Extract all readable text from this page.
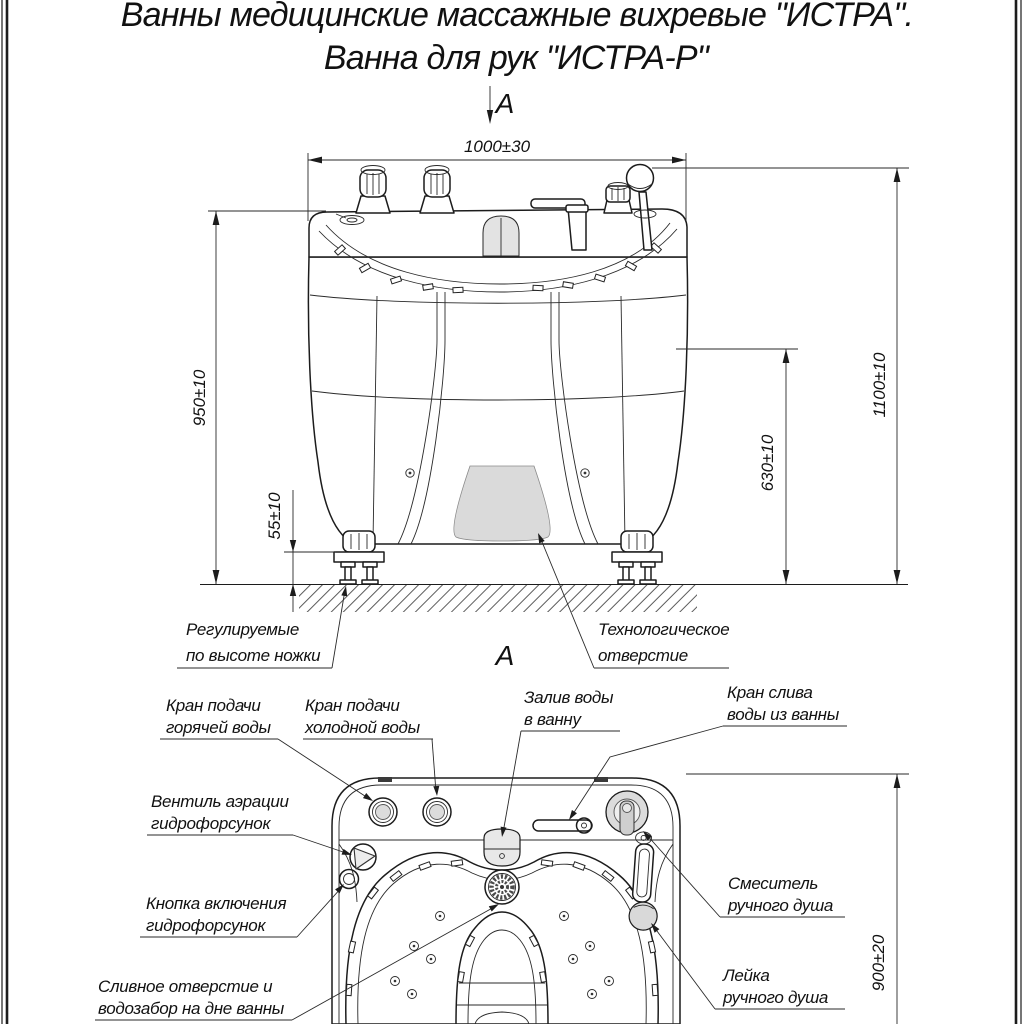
Ванны медицинские массажные вихревые "ИСТРА".
Ванна для рук "ИСТРА-Р"
А
1000±30
950±10
55±10
630±10
1100±10
Регулируемые
по высоте ножки
Технологическое
отверстие
А
900±20
Кран подачи
горячей воды
Кран подачи
холодной воды
Залив воды
в ванну
Кран слива
воды из ванны
Вентиль аэрации
гидрофорсунок
Кнопка включения
гидрофорсунок
Сливное отверстие и
водозабор на дне ванны
Смеситель
ручного душа
Лейка
ручного душа
